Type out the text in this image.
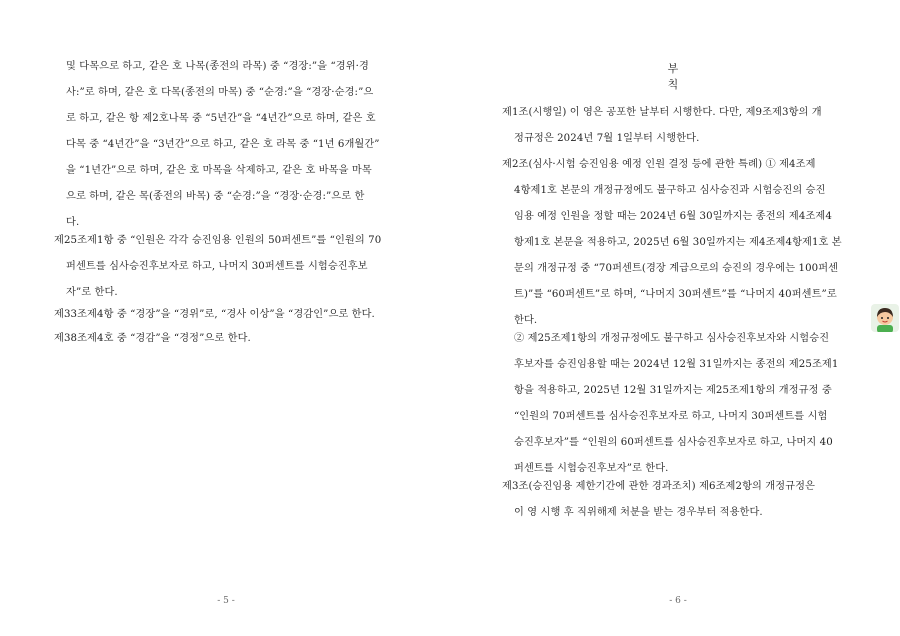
및 다목으로 하고, 같은 호 나목(종전의 라목) 중 “경장:”을 “경위·경
사:”로 하며, 같은 호 다목(종전의 마목) 중 “순경:”을 “경장·순경:”으
로 하고, 같은 항 제2호나목 중 “5년간”을 “4년간”으로 하며, 같은 호
다목 중 “4년간”을 “3년간”으로 하고, 같은 호 라목 중 “1년 6개월간”
을 “1년간”으로 하며, 같은 호 마목을 삭제하고, 같은 호 바목을 마목
으로 하며, 같은 목(종전의 바목) 중 “순경:”을 “경장·순경:”으로 한
다.
제25조제1항 중 “인원은 각각 승진임용 인원의 50퍼센트”를 “인원의 70
퍼센트를 심사승진후보자로 하고, 나머지 30퍼센트를 시험승진후보
자”로 한다.
제33조제4항 중 “경장”을 “경위”로, “경사 이상”을 “경감인”으로 한다.
제38조제4호 중 “경감”을 “경정”으로 한다.
- 5 -
부 칙
제1조(시행일) 이 영은 공포한 날부터 시행한다. 다만, 제9조제3항의 개
정규정은 2024년 7월 1일부터 시행한다.
제2조(심사·시험 승진임용 예정 인원 결정 등에 관한 특례) ① 제4조제
4항제1호 본문의 개정규정에도 불구하고 심사승진과 시험승진의 승진
임용 예정 인원을 정할 때는 2024년 6월 30일까지는 종전의 제4조제4
항제1호 본문을 적용하고, 2025년 6월 30일까지는 제4조제4항제1호 본
문의 개정규정 중 “70퍼센트(경장 계급으로의 승진의 경우에는 100퍼센
트)”를 “60퍼센트”로 하며, “나머지 30퍼센트”를 “나머지 40퍼센트”로
한다.
② 제25조제1항의 개정규정에도 불구하고 심사승진후보자와 시험승진
후보자를 승진임용할 때는 2024년 12월 31일까지는 종전의 제25조제1
항을 적용하고, 2025년 12월 31일까지는 제25조제1항의 개정규정 중
“인원의 70퍼센트를 심사승진후보자로 하고, 나머지 30퍼센트를 시험
승진후보자”를 “인원의 60퍼센트를 심사승진후보자로 하고, 나머지 40
퍼센트를 시험승진후보자”로 한다.
제3조(승진임용 제한기간에 관한 경과조치) 제6조제2항의 개정규정은
이 영 시행 후 직위해제 처분을 받는 경우부터 적용한다.
- 6 -
